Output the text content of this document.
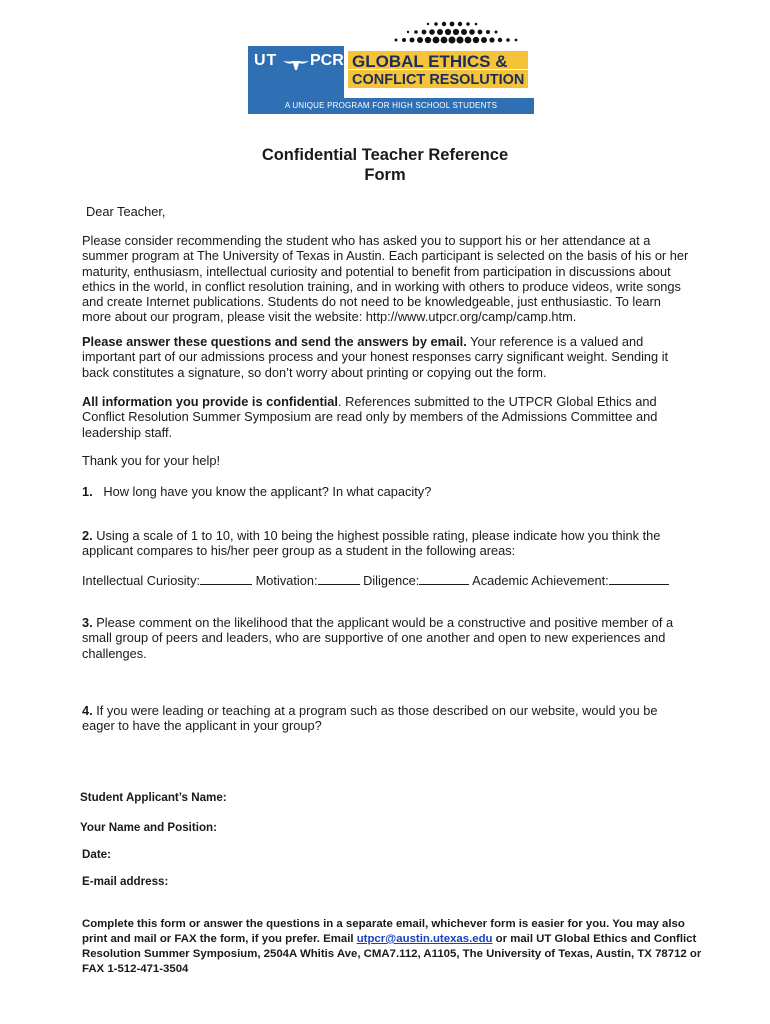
UT PCR GLOBAL ETHICS &
CONFLICT RESOLUTION
A UNIQUE PROGRAM FOR HIGH SCHOOL STUDENTS
Confidential Teacher Reference
Form
Dear Teacher,
Please consider recommending the student who has asked you to support his or her attendance at a summer program at The University of Texas in Austin. Each participant is selected on the basis of his or her maturity, enthusiasm, intellectual curiosity and potential to benefit from participation in discussions about ethics in the world, in conflict resolution training, and in working with others to produce videos, write songs and create Internet publications. Students do not need to be knowledgeable, just enthusiastic. To learn more about our program, please visit the website: http://www.utpcr.org/camp/camp.htm.
Please answer these questions and send the answers by email. Your reference is a valued and important part of our admissions process and your honest responses carry significant weight. Sending it back constitutes a signature, so don’t worry about printing or copying out the form.
All information you provide is confidential. References submitted to the UTPCR Global Ethics and Conflict Resolution Summer Symposium are read only by members of the Admissions Committee and leadership staff.
Thank you for your help!
1. How long have you know the applicant? In what capacity?
2. Using a scale of 1 to 10, with 10 being the highest possible rating, please indicate how you think the applicant compares to his/her peer group as a student in the following areas:
Intellectual Curiosity:	Motivation:	Diligence:	Academic Achievement:
3. Please comment on the likelihood that the applicant would be a constructive and positive member of a small group of peers and leaders, who are supportive of one another and open to new experiences and challenges.
4. If you were leading or teaching at a program such as those described on our website, would you be eager to have the applicant in your group?
Student Applicant’s Name:
Your Name and Position:
Date:
E-mail address:
Complete this form or answer the questions in a separate email, whichever form is easier for you. You may also print and mail or FAX the form, if you prefer. Email utpcr@austin.utexas.edu or mail UT Global Ethics and Conflict Resolution Summer Symposium, 2504A Whitis Ave, CMA7.112, A1105, The University of Texas, Austin, TX 78712 or FAX 1-512-471-3504
